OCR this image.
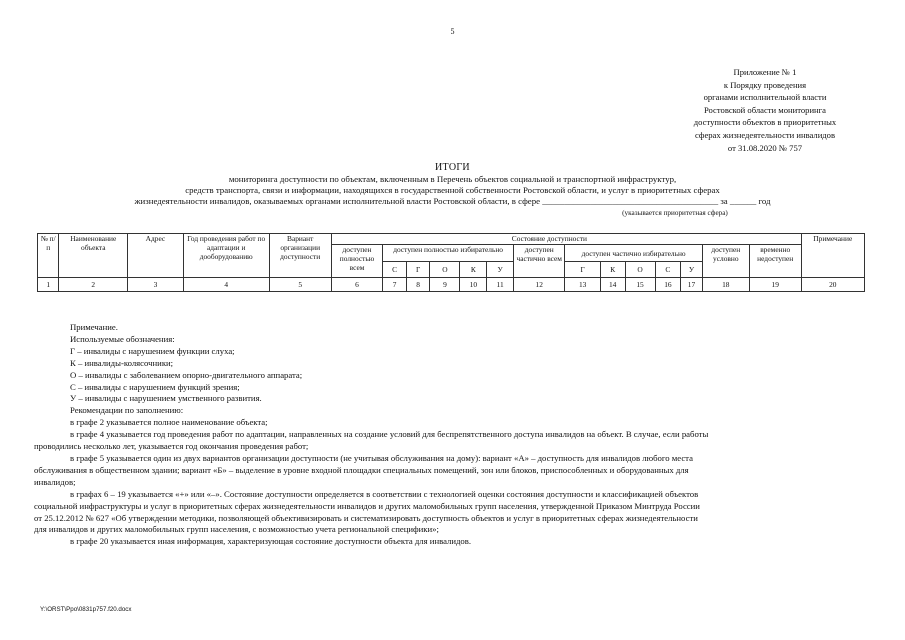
5
Приложение № 1
к Порядку проведения
органами исполнительной власти
Ростовской области мониторинга
доступности объектов в приоритетных
сферах жизнедеятельности инвалидов
от 31.08.2020 № 757
ИТОГИ
мониторинга доступности по объектам, включенным в Перечень объектов социальной и транспортной инфраструктур,
средств транспорта, связи и информации, находящихся в государственной собственности Ростовской области, и услуг в приоритетных сферах
жизнедеятельности инвалидов, оказываемых органами исполнительной власти Ростовской области, в сфере ________________________________________ за ______ год
(указывается приоритетная сфера)
№ п/п	Наименование объекта	Адрес	Год проведения работ по адаптации и дооборудованию	Вариант организации доступности	Состояние доступности														Примечание
					доступен полностью всем	доступен полностью избирательно					доступен частично всем	доступен частично избирательно					доступен условно	временно недоступен	
						С	Г	О	К	У		Г	К	О	С	У			
1	2	3	4	5	6	7	8	9	10	11	12	13	14	15	16	17	18	19	20

Примечание.

Используемые обозначения:

Г – инвалиды с нарушением функции слуха;

К – инвалиды-колясочники;

О – инвалиды с заболеванием опорно-двигательного аппарата;

С – инвалиды с нарушением функций зрения;

У – инвалиды с нарушением умственного развития.

Рекомендации по заполнению:

в графе 2 указывается полное наименование объекта;

в графе 4 указывается год проведения работ по адаптации, направленных на создание условий для беспрепятственного доступа инвалидов на объект. В случае, если работы

проводились несколько лет, указывается год окончания проведения работ;

в графе 5 указывается один из двух вариантов организации доступности (не учитывая обслуживания на дому): вариант «А» – доступность для инвалидов любого места

обслуживания в общественном здании; вариант «Б» – выделение в уровне входной площадки специальных помещений, зон или блоков, приспособленных и оборудованных для

инвалидов;

в графах 6 – 19 указывается «+» или «–». Состояние доступности определяется в соответствии с технологией оценки состояния доступности и классификацией объектов

социальной инфраструктуры и услуг в приоритетных сферах жизнедеятельности инвалидов и других маломобильных групп населения, утвержденной Приказом Минтруда России

от 25.12.2012 № 627 «Об утверждении методики, позволяющей объективизировать и систематизировать доступность объектов и услуг в приоритетных сферах жизнедеятельности

для инвалидов и других маломобильных групп населения, с возможностью учета региональной специфики»;

в графе 20 указывается иная информация, характеризующая состояние доступности объекта для инвалидов.

Y:\ORST\Ppo\0831p757.f20.docx
